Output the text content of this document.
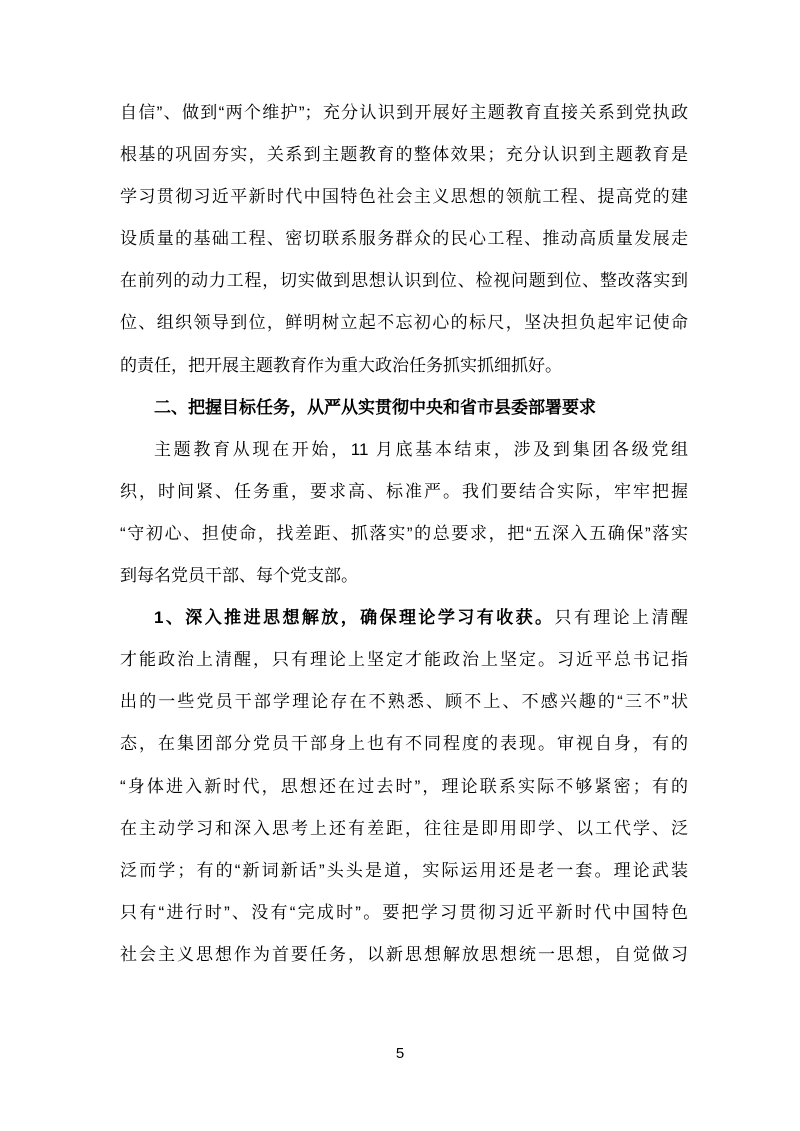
自信”、做到“两个维护”；充分认识到开展好主题教育直接关系到党执政
根基的巩固夯实，关系到主题教育的整体效果；充分认识到主题教育是
学习贯彻习近平新时代中国特色社会主义思想的领航工程、提高党的建
设质量的基础工程、密切联系服务群众的民心工程、推动高质量发展走
在前列的动力工程，切实做到思想认识到位、检视问题到位、整改落实到
位、组织领导到位，鲜明树立起不忘初心的标尺，坚决担负起牢记使命
的责任，把开展主题教育作为重大政治任务抓实抓细抓好。
二、把握目标任务，从严从实贯彻中央和省市县委部署要求
主题教育从现在开始，11 月底基本结束，涉及到集团各级党组
织，时间紧、任务重，要求高、标准严。我们要结合实际，牢牢把握
“守初心、担使命，找差距、抓落实”的总要求，把“五深入五确保”落实
到每名党员干部、每个党支部。
1、深入推进思想解放，确保理论学习有收获。只有理论上清醒
才能政治上清醒，只有理论上坚定才能政治上坚定。习近平总书记指
出的一些党员干部学理论存在不熟悉、顾不上、不感兴趣的“三不”状
态，在集团部分党员干部身上也有不同程度的表现。审视自身，有的
“身体进入新时代，思想还在过去时”，理论联系实际不够紧密；有的
在主动学习和深入思考上还有差距，往往是即用即学、以工代学、泛
泛而学；有的“新词新话”头头是道，实际运用还是老一套。理论武装
只有“进行时”、没有“完成时”。要把学习贯彻习近平新时代中国特色
社会主义思想作为首要任务，以新思想解放思想统一思想，自觉做习
5
